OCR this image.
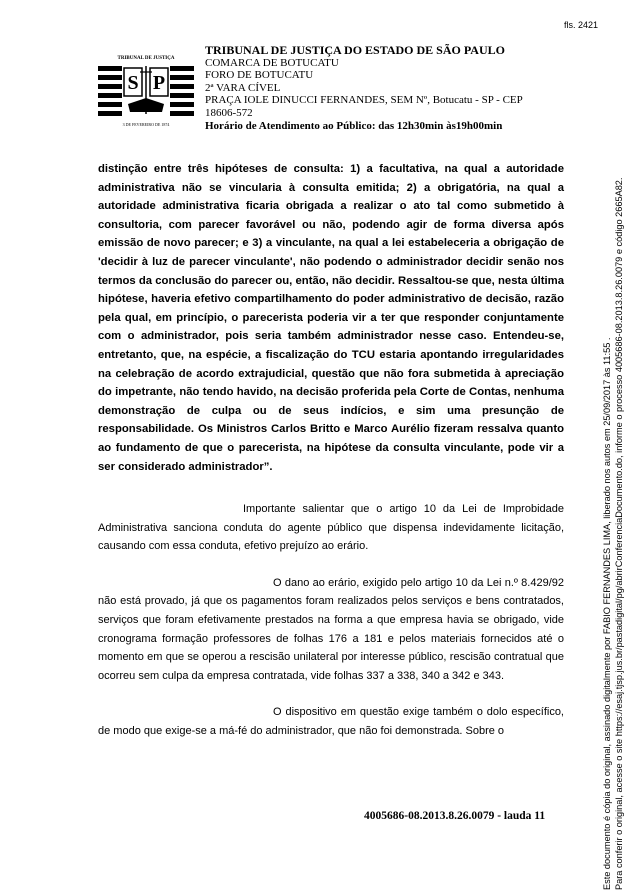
fls. 2421
TRIBUNAL DE JUSTIÇA
S P
3 DE FEVEREIRO DE 1874
TRIBUNAL DE JUSTIÇA DO ESTADO DE SÃO PAULO
COMARCA DE BOTUCATU
FORO DE BOTUCATU
2ª VARA CÍVEL
PRAÇA IOLE DINUCCI FERNANDES, SEM Nº, Botucatu - SP - CEP
18606-572
Horário de Atendimento ao Público: das 12h30min às19h00min
distinção entre três hipóteses de consulta: 1) a facultativa, na qual a autoridade administrativa não se vincularia à consulta emitida; 2) a obrigatória, na qual a autoridade administrativa ficaria obrigada a realizar o ato tal como submetido à consultoria, com parecer favorável ou não, podendo agir de forma diversa após emissão de novo parecer; e 3) a vinculante, na qual a lei estabeleceria a obrigação de 'decidir à luz de parecer vinculante', não podendo o administrador decidir senão nos termos da conclusão do parecer ou, então, não decidir. Ressaltou-se que, nesta última hipótese, haveria efetivo compartilhamento do poder administrativo de decisão, razão pela qual, em princípio, o parecerista poderia vir a ter que responder conjuntamente com o administrador, pois seria também administrador nesse caso. Entendeu-se, entretanto, que, na espécie, a fiscalização do TCU estaria apontando irregularidades na celebração de acordo extrajudicial, questão que não fora submetida à apreciação do impetrante, não tendo havido, na decisão proferida pela Corte de Contas, nenhuma demonstração de culpa ou de seus indícios, e sim uma presunção de responsabilidade. Os Ministros Carlos Britto e Marco Aurélio fizeram ressalva quanto ao fundamento de que o parecerista, na hipótese da consulta vinculante, pode vir a ser considerado administrador”.
Importante salientar que o artigo 10 da Lei de Improbidade Administrativa sanciona conduta do agente público que dispensa indevidamente licitação, causando com essa conduta, efetivo prejuízo ao erário.
O dano ao erário, exigido pelo artigo 10 da Lei n.º 8.429/92 não está provado, já que os pagamentos foram realizados pelos serviços e bens contratados, serviços que foram efetivamente prestados na forma a que empresa havia se obrigado, vide cronograma formação professores de folhas 176 a 181 e pelos materiais fornecidos até o momento em que se operou a rescisão unilateral por interesse público, rescisão contratual que ocorreu sem culpa da empresa contratada, vide folhas 337 a 338, 340 a 342 e 343.
O dispositivo em questão exige também o dolo específico, de modo que exige-se a má-fé do administrador, que não foi demonstrada. Sobre o
4005686-08.2013.8.26.0079 - lauda 11	Este documento é cópia do original, assinado digitalmente por FABIO FERNANDES LIMA, liberado nos autos em 25/09/2017 às 11:55 . Para conferir o original, acesse o site https://esaj.tjsp.jus.br/pastadigital/pg/abrirConferenciaDocumento.do, informe o processo 4005686-08.2013.8.26.0079 e código 2665A82.
